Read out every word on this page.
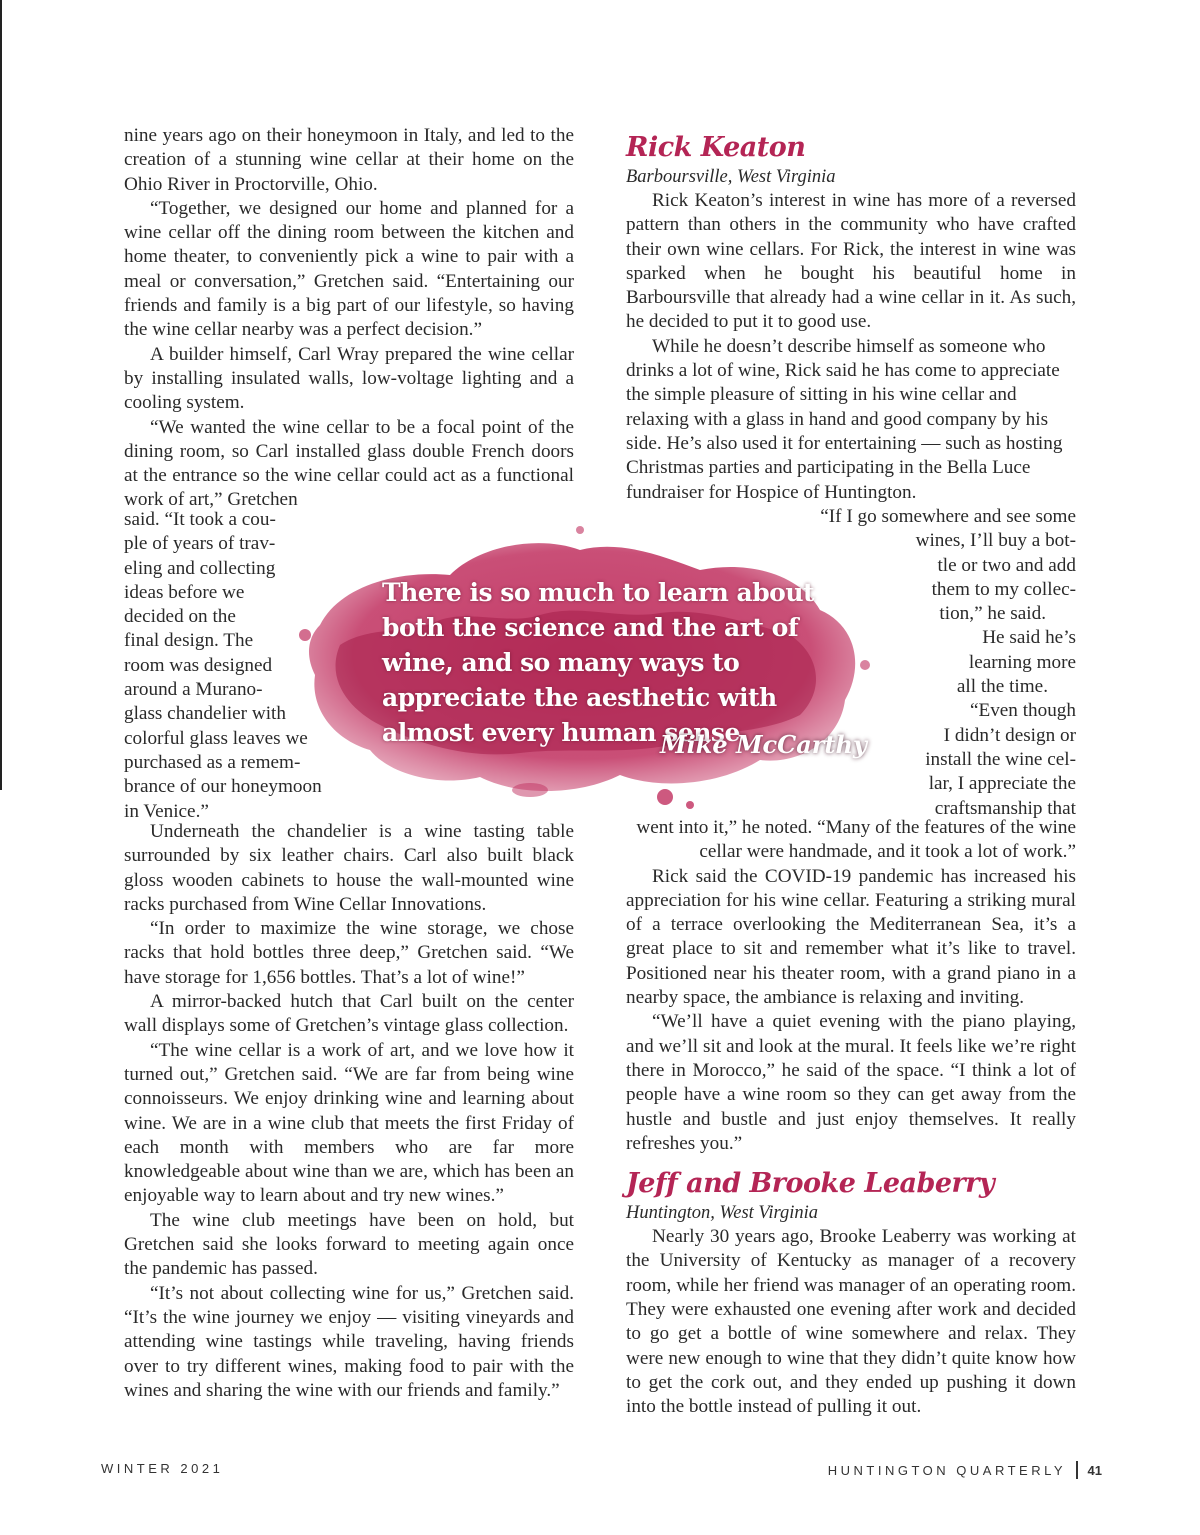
nine years ago on their honeymoon in Italy, and led to the creation of a stunning wine cellar at their home on the Ohio River in Proctorville, Ohio.

“Together, we designed our home and planned for a wine cellar off the dining room between the kitchen and home theater, to conveniently pick a wine to pair with a meal or conversation,” Gretchen said. “Entertaining our friends and family is a big part of our lifestyle, so having the wine cellar nearby was a perfect decision.”

A builder himself, Carl Wray prepared the wine cellar by installing insulated walls, low-voltage lighting and a cooling system.

“We wanted the wine cellar to be a focal point of the dining room, so Carl installed glass double French doors at the entrance so the wine cellar could act as a functional work of art,” Gretchen

said. “It took a cou-
ple of years of trav-
eling and collecting
ideas before we
decided on the
final design. The
room was designed
around a Murano-
glass chandelier with
colorful glass leaves we
purchased as a remem-
brance of our honeymoon
in Venice.”

Underneath the chandelier is a wine tasting table surrounded by six leather chairs. Carl also built black gloss wooden cabinets to house the wall-mounted wine racks purchased from Wine Cellar Innovations.

“In order to maximize the wine storage, we chose racks that hold bottles three deep,” Gretchen said. “We have storage for 1,656 bottles. That’s a lot of wine!”

A mirror-backed hutch that Carl built on the center wall displays some of Gretchen’s vintage glass collection.

“The wine cellar is a work of art, and we love how it turned out,” Gretchen said. “We are far from being wine connoisseurs. We enjoy drinking wine and learning about wine. We are in a wine club that meets the first Friday of each month with members who are far more knowledgeable about wine than we are, which has been an enjoyable way to learn about and try new wines.”

The wine club meetings have been on hold, but Gretchen said she looks forward to meeting again once the pandemic has passed.

“It’s not about collecting wine for us,” Gretchen said. “It’s the wine journey we enjoy — visiting vineyards and attending wine tastings while traveling, having friends over to try different wines, making food to pair with the wines and sharing the wine with our friends and family.”

Rick Keaton
Barboursville, West Virginia

Rick Keaton’s interest in wine has more of a reversed pattern than others in the community who have crafted their own wine cellars. For Rick, the interest in wine was sparked when he bought his beautiful home in Barboursville that already had a wine cellar in it. As such, he decided to put it to good use.

While he doesn’t describe himself as someone who drinks a lot of wine, Rick said he has come to appreciate the simple pleasure of sitting in his wine cellar and relaxing with a glass in hand and good company by his side. He’s also used it for entertaining — such as hosting Christmas parties and participating in the Bella Luce fundraiser for Hospice of Huntington.

“If I go somewhere and see some
wines, I’ll buy a bot-
tle or two and add
them to my collec-
tion,” he said.
He said he’s
learning more
all the time.
“Even though
I didn’t design or
install the wine cel-
lar, I appreciate the
craftsmanship that

went into it,” he noted. “Many of the features of the wine cellar were handmade, and it took a lot of work.”

Rick said the COVID-19 pandemic has increased his appreciation for his wine cellar. Featuring a striking mural of a terrace overlooking the Mediterranean Sea, it’s a great place to sit and remember what it’s like to travel. Positioned near his theater room, with a grand piano in a nearby space, the ambiance is relaxing and inviting.

“We’ll have a quiet evening with the piano playing, and we’ll sit and look at the mural. It feels like we’re right there in Morocco,” he said of the space. “I think a lot of people have a wine room so they can get away from the hustle and bustle and just enjoy themselves. It really refreshes you.”

Jeff and Brooke Leaberry
Huntington, West Virginia

Nearly 30 years ago, Brooke Leaberry was working at the University of Kentucky as manager of a recovery room, while her friend was manager of an operating room. They were exhausted one evening after work and decided to go get a bottle of wine somewhere and relax. They were new enough to wine that they didn’t quite know how to get the cork out, and they ended up pushing it down into the bottle instead of pulling it out.

There is so much to learn about both the science and the art of wine, and so many ways to appreciate the aesthetic with almost every human sense.
Mike McCarthy
WINTER 2021	HUNTINGTON QUARTERLY 41
